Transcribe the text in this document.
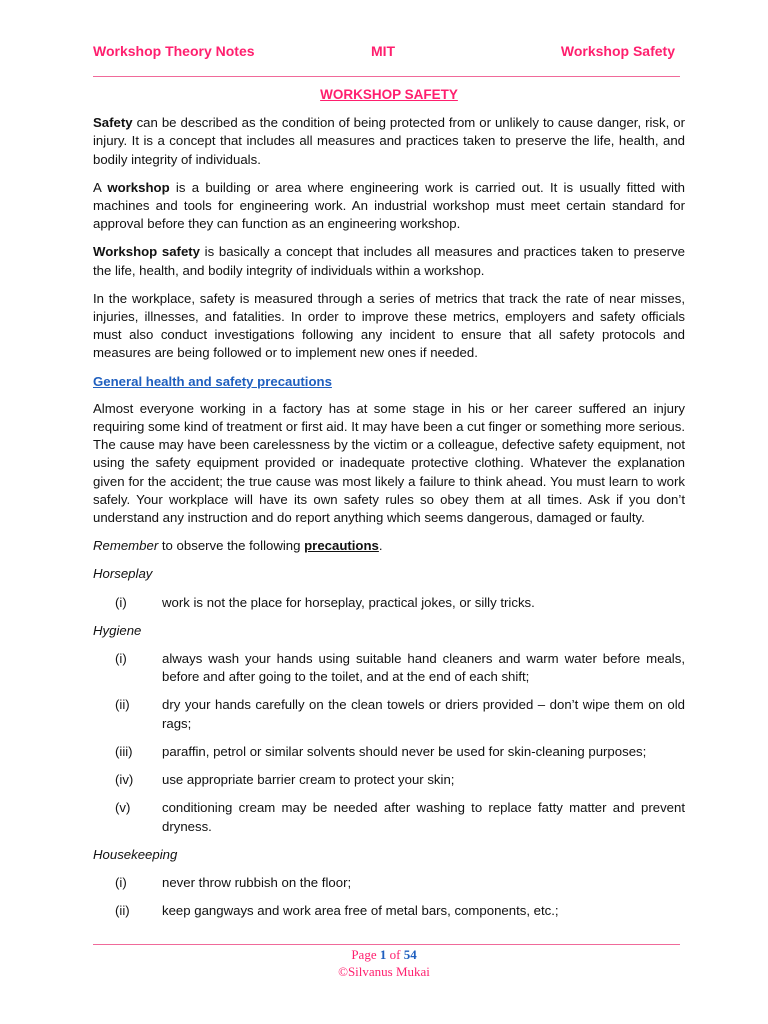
Workshop Theory Notes	MIT	Workshop Safety
WORKSHOP SAFETY

Safety can be described as the condition of being protected from or unlikely to cause danger, risk, or injury. It is a concept that includes all measures and practices taken to preserve the life, health, and bodily integrity of individuals.

A workshop is a building or area where engineering work is carried out. It is usually fitted with machines and tools for engineering work. An industrial workshop must meet certain standard for approval before they can function as an engineering workshop.

Workshop safety is basically a concept that includes all measures and practices taken to preserve the life, health, and bodily integrity of individuals within a workshop.

In the workplace, safety is measured through a series of metrics that track the rate of near misses, injuries, illnesses, and fatalities. In order to improve these metrics, employers and safety officials must also conduct investigations following any incident to ensure that all safety protocols and measures are being followed or to implement new ones if needed.

General health and safety precautions

Almost everyone working in a factory has at some stage in his or her career suffered an injury requiring some kind of treatment or first aid. It may have been a cut finger or something more serious. The cause may have been carelessness by the victim or a colleague, defective safety equipment, not using the safety equipment provided or inadequate protective clothing. Whatever the explanation given for the accident; the true cause was most likely a failure to think ahead. You must learn to work safely. Your workplace will have its own safety rules so obey them at all times. Ask if you don’t understand any instruction and do report anything which seems dangerous, damaged or faulty.

Remember to observe the following precautions.

Horseplay
(i)	work is not the place for horseplay, practical jokes, or silly tricks.
Hygiene
(i)	always wash your hands using suitable hand cleaners and warm water before meals, before and after going to the toilet, and at the end of each shift;
(ii)	dry your hands carefully on the clean towels or driers provided – don’t wipe them on old rags;
(iii)	paraffin, petrol or similar solvents should never be used for skin-cleaning purposes;
(iv)	use appropriate barrier cream to protect your skin;
(v)	conditioning cream may be needed after washing to replace fatty matter and prevent dryness.
Housekeeping
(i)	never throw rubbish on the floor;
(ii)	keep gangways and work area free of metal bars, components, etc.;
Page 1 of 54
©Silvanus Mukai
